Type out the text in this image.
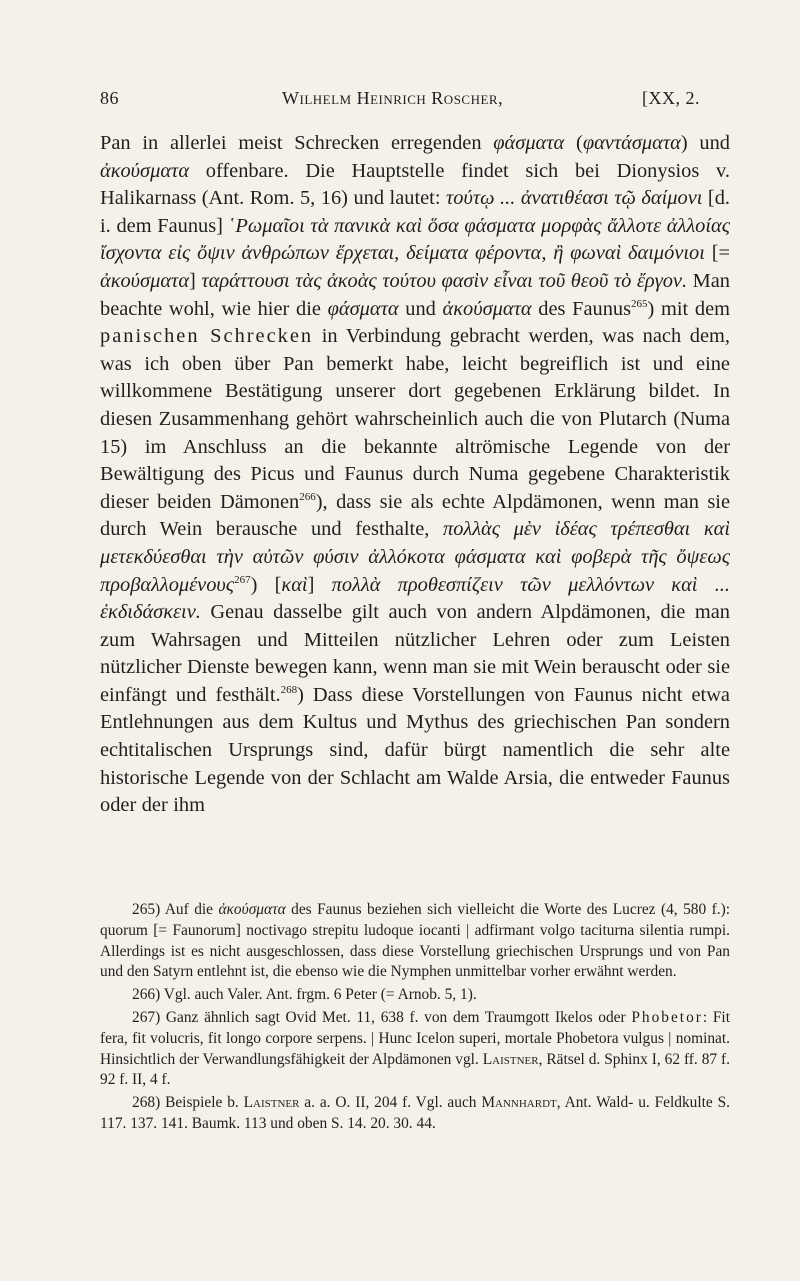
86	Wilhelm Heinrich Roscher,	[XX, 2.

Pan in allerlei meist Schrecken erregenden φάσματα (φαντάσματα) und ἀκούσματα offenbare. Die Hauptstelle findet sich bei Dionysios v. Halikarnass (Ant. Rom. 5, 16) und lautet: τούτῳ ... ἀνατιθέασι τῷ δαίμονι [d. i. dem Faunus] ῾Ρωμαῖοι τὰ πανικὰ καὶ ὅσα φάσματα μορφὰς ἄλλοτε ἀλλοίας ἴσχοντα εἰς ὄψιν ἀνθρώπων ἔρχεται, δείματα φέροντα, ἢ φωναὶ δαιμόνιοι [= ἀκούσματα] ταράττουσι τὰς ἀκοὰς τούτου φασὶν εἶναι τοῦ θεοῦ τὸ ἔργον. Man beachte wohl, wie hier die φάσματα und ἀκούσματα des Faunus$^{265}$) mit dem panischen Schrecken in Verbindung gebracht werden, was nach dem, was ich oben über Pan bemerkt habe, leicht begreiflich ist und eine willkommene Bestätigung unserer dort gegebenen Erklärung bildet. In diesen Zusammenhang gehört wahrscheinlich auch die von Plutarch (Numa 15) im Anschluss an die bekannte altrömische Legende von der Bewältigung des Picus und Faunus durch Numa gegebene Charakteristik dieser beiden Dämonen$^{266}$), dass sie als echte Alpdämonen, wenn man sie durch Wein berausche und festhalte, πολλὰς μὲν ἰδέας τρέπεσθαι καὶ μετεκδύεσθαι τὴν αὐτῶν φύσιν ἀλλόκοτα φάσματα καὶ φοβερὰ τῆς ὄψεως προβαλλομένους$^{267}$) [καὶ] πολλὰ προθεσπίζειν τῶν μελλόντων καὶ ... ἐκδιδάσκειν. Genau dasselbe gilt auch von andern Alpdämonen, die man zum Wahrsagen und Mitteilen nützlicher Lehren oder zum Leisten nützlicher Dienste bewegen kann, wenn man sie mit Wein berauscht oder sie einfängt und festhält.$^{268}$) Dass diese Vorstellungen von Faunus nicht etwa Entlehnungen aus dem Kultus und Mythus des griechischen Pan sondern echtitalischen Ursprungs sind, dafür bürgt namentlich die sehr alte historische Legende von der Schlacht am Walde Arsia, die entweder Faunus oder der ihm

265) Auf die ἀκούσματα des Faunus beziehen sich vielleicht die Worte des Lucrez (4, 580 f.): quorum [= Faunorum] noctivago strepitu ludoque iocanti | adfirmant volgo taciturna silentia rumpi. Allerdings ist es nicht ausgeschlossen, dass diese Vorstellung griechischen Ursprungs und von Pan und den Satyrn entlehnt ist, die ebenso wie die Nymphen unmittelbar vorher erwähnt werden.

266) Vgl. auch Valer. Ant. frgm. 6 Peter (= Arnob. 5, 1).

267) Ganz ähnlich sagt Ovid Met. 11, 638 f. von dem Traumgott Ikelos oder Phobetor: Fit fera, fit volucris, fit longo corpore serpens. | Hunc Icelon superi, mortale Phobetora vulgus | nominat. Hinsichtlich der Verwandlungsfähigkeit der Alpdämonen vgl. Laistner, Rätsel d. Sphinx I, 62 ff. 87 f. 92 f. II, 4 f.

268) Beispiele b. Laistner a. a. O. II, 204 f. Vgl. auch Mannhardt, Ant. Wald- u. Feldkulte S. 117. 137. 141. Baumk. 113 und oben S. 14. 20. 30. 44.
